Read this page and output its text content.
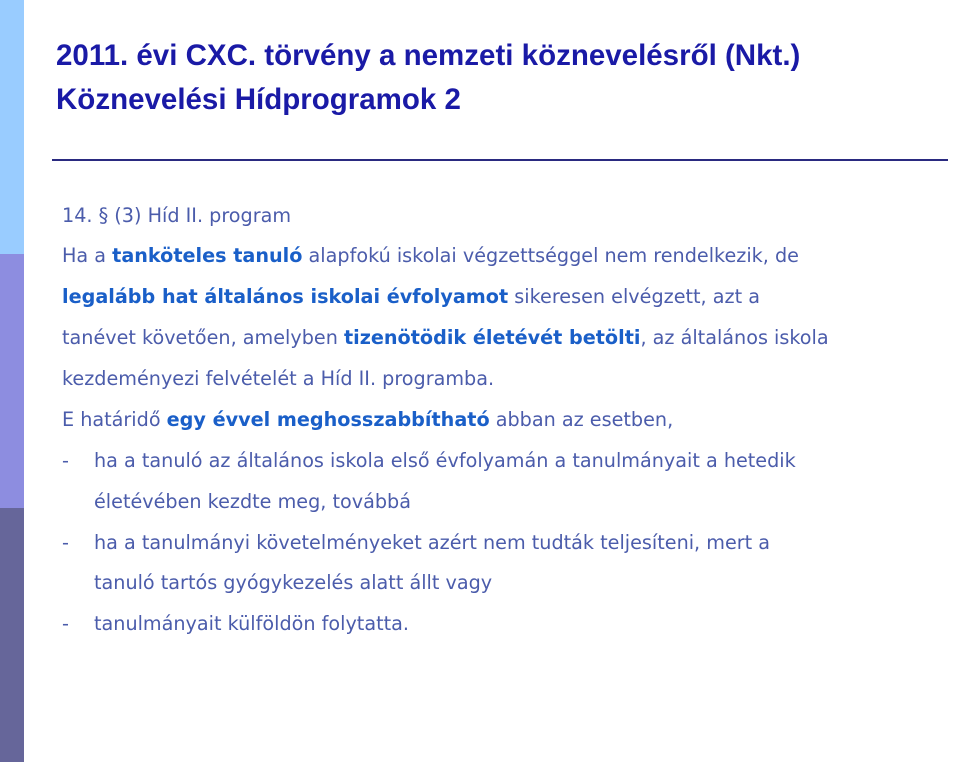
2011. évi CXC. törvény a nemzeti köznevelésről (Nkt.)
Köznevelési Hídprogramok 2
14. § (3) Híd II. program
Ha a tanköteles tanuló alapfokú iskolai végzettséggel nem rendelkezik, de
legalább hat általános iskolai évfolyamot sikeresen elvégzett, azt a
tanévet követően, amelyben tizenötödik életévét betölti, az általános iskola
kezdeményezi felvételét a Híd II. programba.
E határidő egy évvel meghosszabbítható abban az esetben,
- ha a tanuló az általános iskola első évfolyamán a tanulmányait a hetedik
életévében kezdte meg, továbbá
- ha a tanulmányi követelményeket azért nem tudták teljesíteni, mert a
tanuló tartós gyógykezelés alatt állt vagy
- tanulmányait külföldön folytatta.
